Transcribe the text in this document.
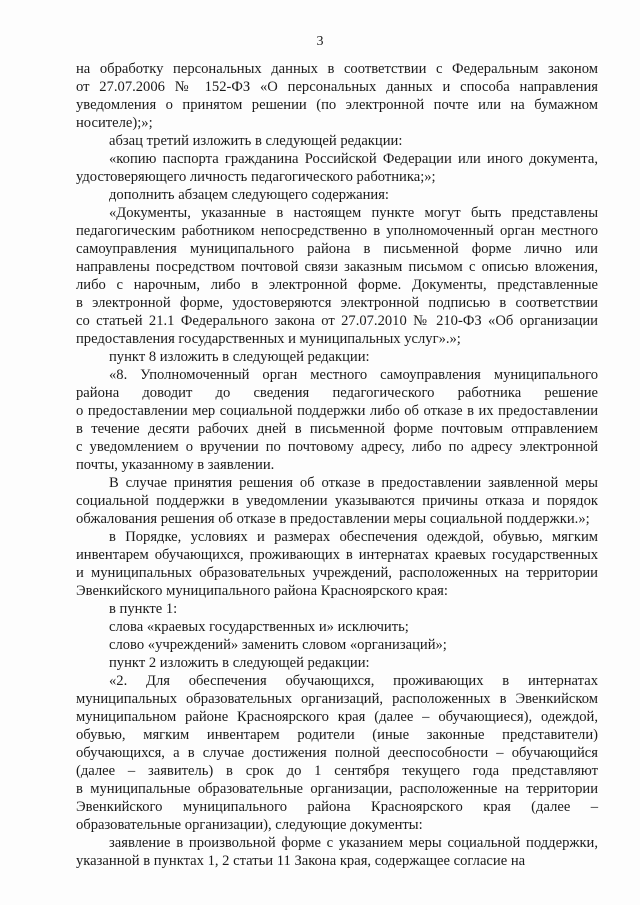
3
на обработку персональных данных в соответствии с Федеральным законом
от 27.07.2006 № 152-ФЗ «О персональных данных и способа направления
уведомления о принятом решении (по электронной почте или на бумажном
носителе);»;
абзац третий изложить в следующей редакции:
«копию паспорта гражданина Российской Федерации или иного документа,
удостоверяющего личность педагогического работника;»;
дополнить абзацем следующего содержания:
«Документы, указанные в настоящем пункте могут быть представлены
педагогическим работником непосредственно в уполномоченный орган местного
самоуправления муниципального района в письменной форме лично или
направлены посредством почтовой связи заказным письмом с описью вложения,
либо с нарочным, либо в электронной форме. Документы, представленные
в электронной форме, удостоверяются электронной подписью в соответствии
со статьей 21.1 Федерального закона от 27.07.2010 № 210-ФЗ «Об организации
предоставления государственных и муниципальных услуг».»;
пункт 8 изложить в следующей редакции:
«8. Уполномоченный орган местного самоуправления муниципального
района доводит до сведения педагогического работника решение
о предоставлении мер социальной поддержки либо об отказе в их предоставлении
в течение десяти рабочих дней в письменной форме почтовым отправлением
с уведомлением о вручении по почтовому адресу, либо по адресу электронной
почты, указанному в заявлении.
В случае принятия решения об отказе в предоставлении заявленной меры
социальной поддержки в уведомлении указываются причины отказа и порядок
обжалования решения об отказе в предоставлении меры социальной поддержки.»;
в Порядке, условиях и размерах обеспечения одеждой, обувью, мягким
инвентарем обучающихся, проживающих в интернатах краевых государственных
и муниципальных образовательных учреждений, расположенных на территории
Эвенкийского муниципального района Красноярского края:
в пункте 1:
слова «краевых государственных и» исключить;
слово «учреждений» заменить словом «организаций»;
пункт 2 изложить в следующей редакции:
«2. Для обеспечения обучающихся, проживающих в интернатах
муниципальных образовательных организаций, расположенных в Эвенкийском
муниципальном районе Красноярского края (далее – обучающиеся), одеждой,
обувью, мягким инвентарем родители (иные законные представители)
обучающихся, а в случае достижения полной дееспособности – обучающийся
(далее – заявитель) в срок до 1 сентября текущего года представляют
в муниципальные образовательные организации, расположенные на территории
Эвенкийского муниципального района Красноярского края (далее –
образовательные организации), следующие документы:
заявление в произвольной форме с указанием меры социальной поддержки,
указанной в пунктах 1, 2 статьи 11 Закона края, содержащее согласие на
